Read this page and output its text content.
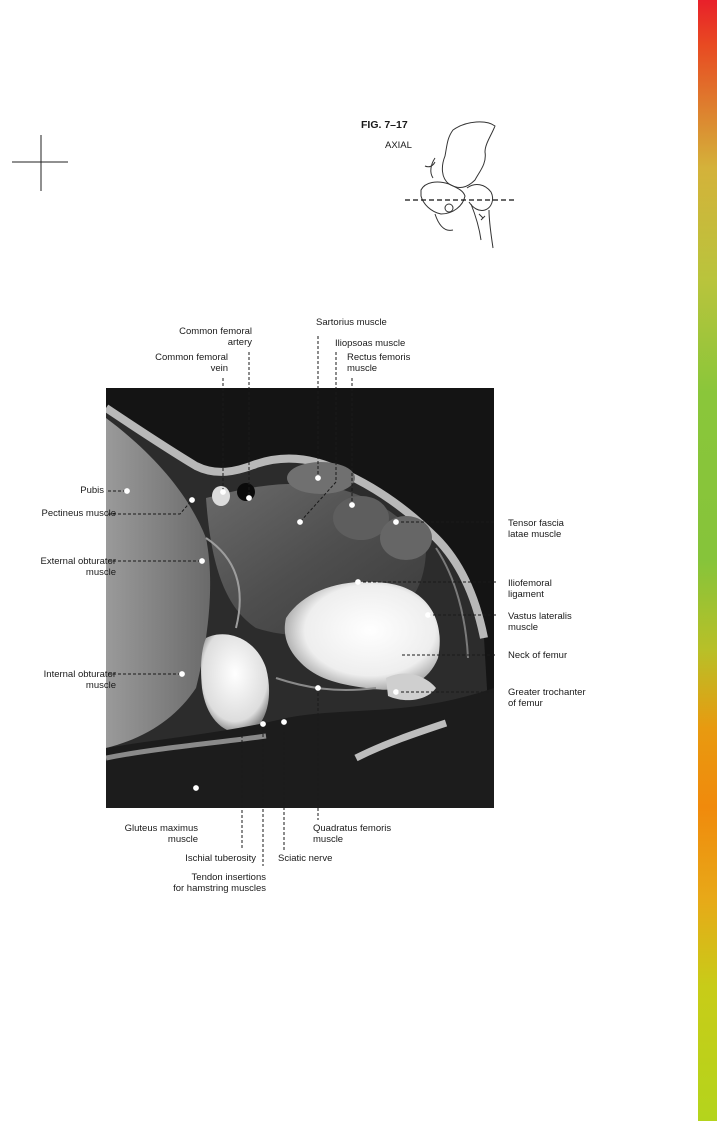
FIG. 7–17
AXIAL
Common femoral
artery
Common femoral
vein
Sartorius muscle
Iliopsoas muscle
Rectus femoris
muscle
Pubis
Pectineus muscle
External obturator
muscle
Internal obturator
muscle
Tensor fascia
latae muscle
Iliofemoral
ligament
Vastus lateralis
muscle
Neck of femur
Greater trochanter
of femur
Gluteus maximus
muscle
Ischial tuberosity
Tendon insertions
for hamstring muscles
Quadratus femoris
muscle
Sciatic nerve
